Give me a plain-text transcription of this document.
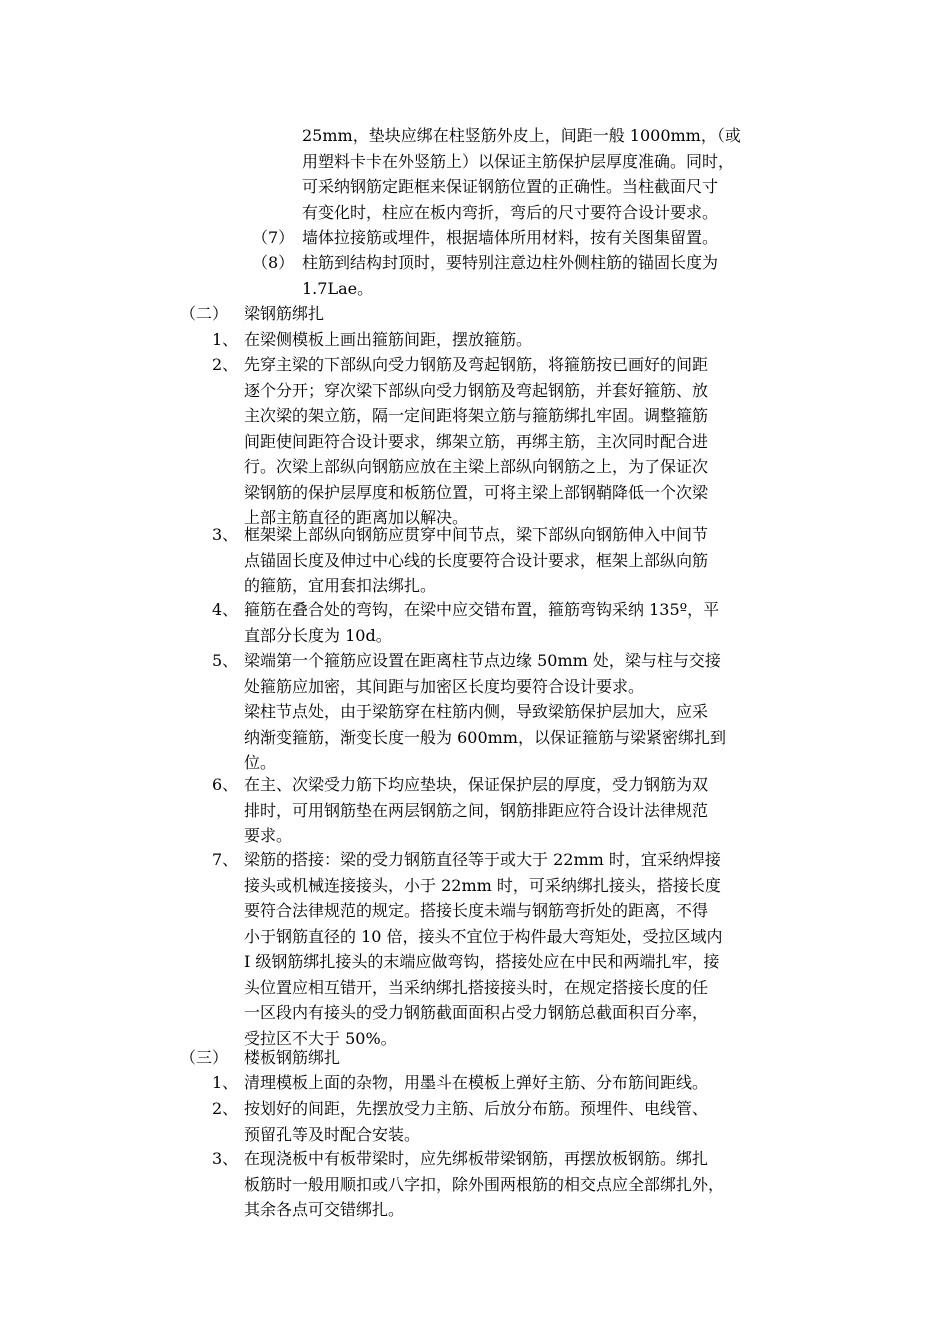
25mm，垫块应绑在柱竖筋外皮上，间距一般 1000mm，（或
用塑料卡卡在外竖筋上）以保证主筋保护层厚度准确。同时，
可采纳钢筋定距框来保证钢筋位置的正确性。当柱截面尺寸
有变化时，柱应在板内弯折，弯后的尺寸要符合设计要求。
（7） 墙体拉接筋或埋件，根据墙体所用材料，按有关图集留置。
（8） 柱筋到结构封顶时，要特别注意边柱外侧柱筋的锚固长度为
1.7Lae。
（二） 梁钢筋绑扎
1、 在梁侧模板上画出箍筋间距，摆放箍筋。
2、 先穿主梁的下部纵向受力钢筋及弯起钢筋，将箍筋按已画好的间距
逐个分开；穿次梁下部纵向受力钢筋及弯起钢筋，并套好箍筋、放
主次梁的架立筋，隔一定间距将架立筋与箍筋绑扎牢固。调整箍筋
间距使间距符合设计要求，绑架立筋，再绑主筋，主次同时配合进
行。次梁上部纵向钢筋应放在主梁上部纵向钢筋之上，为了保证次
梁钢筋的保护层厚度和板筋位置，可将主梁上部钢鞘降低一个次梁
上部主筋直径的距离加以解决。
3、 框架梁上部纵向钢筋应贯穿中间节点，梁下部纵向钢筋伸入中间节
点锚固长度及伸过中心线的长度要符合设计要求，框架上部纵向筋
的箍筋，宜用套扣法绑扎。
4、 箍筋在叠合处的弯钩，在梁中应交错布置，箍筋弯钩采纳 135º，平
直部分长度为 10d。
5、 梁端第一个箍筋应设置在距离柱节点边缘 50mm 处，梁与柱与交接
处箍筋应加密，其间距与加密区长度均要符合设计要求。
梁柱节点处，由于梁筋穿在柱筋内侧，导致梁筋保护层加大，应采
纳渐变箍筋，渐变长度一般为 600mm，以保证箍筋与梁紧密绑扎到
位。
6、 在主、次梁受力筋下均应垫块，保证保护层的厚度，受力钢筋为双
排时，可用钢筋垫在两层钢筋之间，钢筋排距应符合设计法律规范
要求。
7、 梁筋的搭接：梁的受力钢筋直径等于或大于 22mm 时，宜采纳焊接
接头或机械连接接头，小于 22mm 时，可采纳绑扎接头，搭接长度
要符合法律规范的规定。搭接长度未端与钢筋弯折处的距离，不得
小于钢筋直径的 10 倍，接头不宜位于构件最大弯矩处，受拉区域内
I 级钢筋绑扎接头的末端应做弯钩，搭接处应在中民和两端扎牢，接
头位置应相互错开，当采纳绑扎搭接接头时，在规定搭接长度的任
一区段内有接头的受力钢筋截面面积占受力钢筋总截面积百分率，
受拉区不大于 50%。
（三） 楼板钢筋绑扎
1、 清理模板上面的杂物，用墨斗在模板上弹好主筋、分布筋间距线。
2、 按划好的间距，先摆放受力主筋、后放分布筋。预埋件、电线管、
预留孔等及时配合安装。
3、 在现浇板中有板带梁时，应先绑板带梁钢筋，再摆放板钢筋。绑扎
板筋时一般用顺扣或八字扣，除外围两根筋的相交点应全部绑扎外，
其余各点可交错绑扎。
